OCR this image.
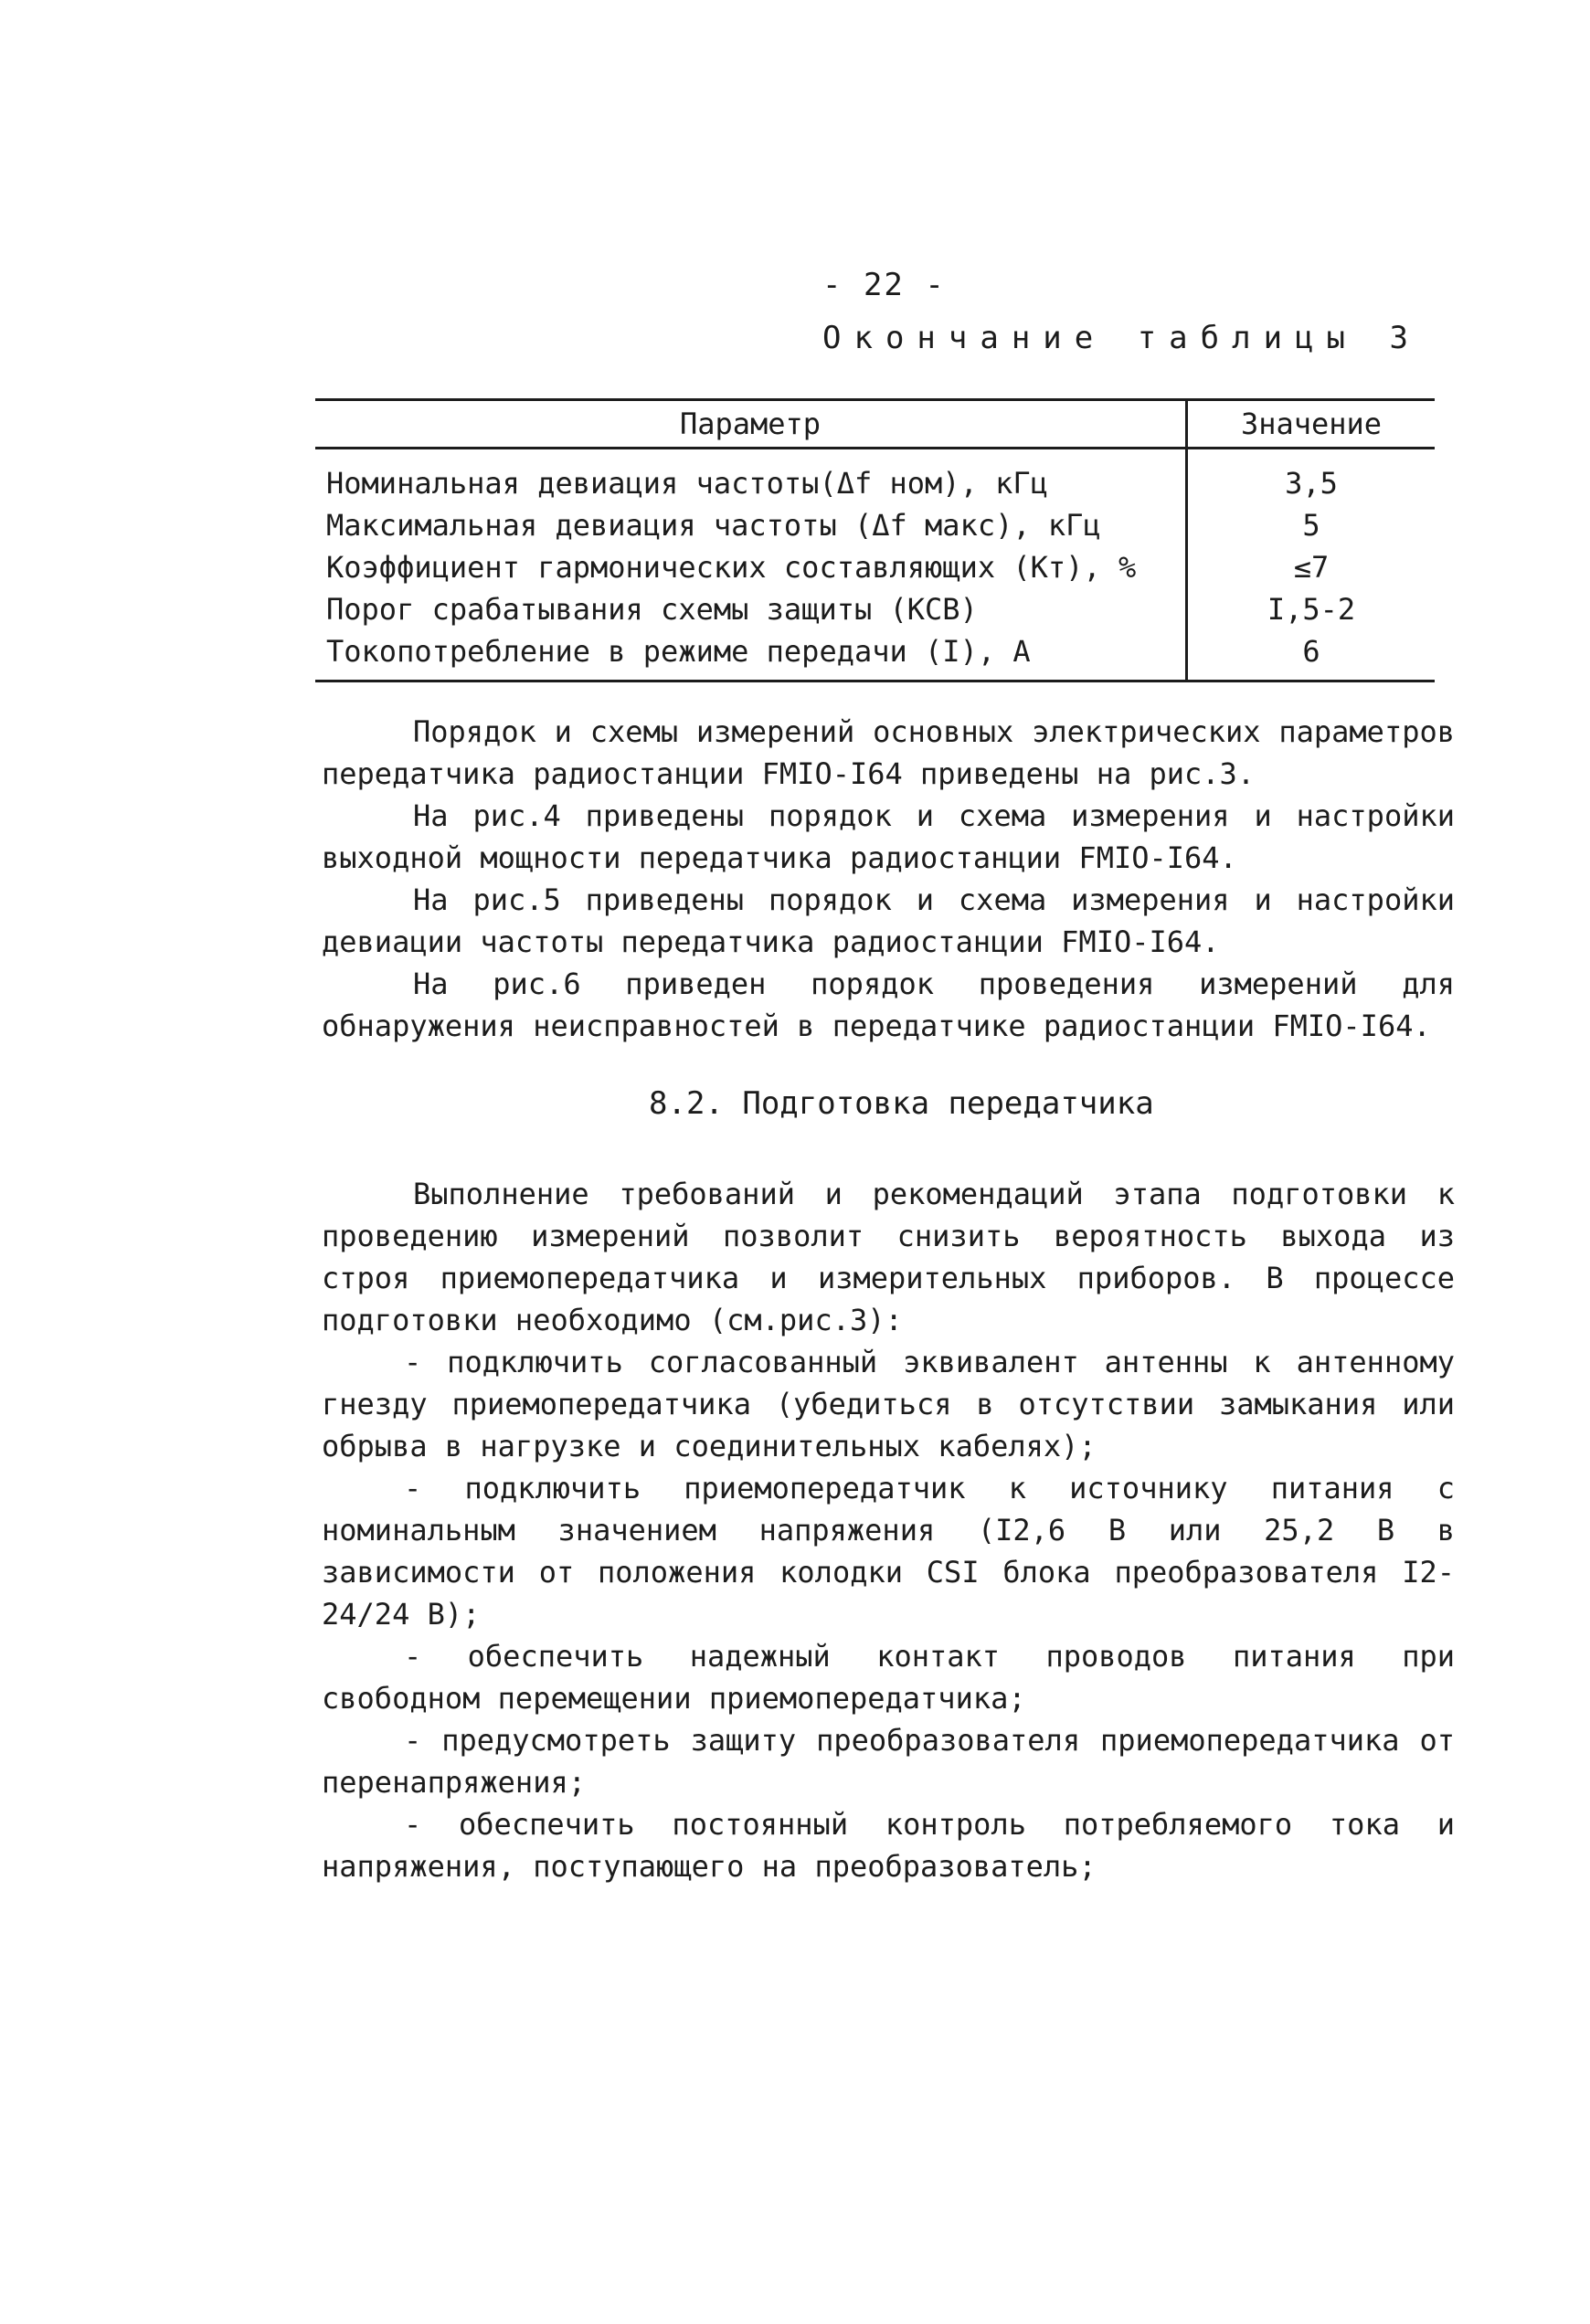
- 22 -
Окончание таблицы 3
Параметр	Значение
Номинальная девиация частоты(Δf ном), кГц	3,5
Максимальная девиация частоты (Δf макс), кГц	5
Коэффициент гармонических составляющих (Кт), %	≤7
Порог срабатывания схемы защиты (КСВ)	I,5-2
Токопотребление в режиме передачи (I), А	6

Порядок и схемы измерений основных электрических параметров передатчика радиостанции FMIO-I64 приведены на рис.3.

На рис.4 приведены порядок и схема измерения и настройки выходной мощности передатчика радиостанции FMIO-I64.

На рис.5 приведены порядок и схема измерения и настройки девиации частоты передатчика радиостанции FMIO-I64.

На рис.6 приведен порядок проведения измерений для обнаружения неисправностей в передатчике радиостанции FMIO-I64.

8.2. Подготовка передатчика

Выполнение требований и рекомендаций этапа подготовки к проведению измерений позволит снизить вероятность выхода из строя приемопередатчика и измерительных приборов. В процессе подготовки необходимо (см.рис.3):

- подключить согласованный эквивалент антенны к антенному гнезду приемопередатчика (убедиться в отсутствии замыкания или обрыва в нагрузке и соединительных кабелях);

- подключить приемопередатчик к источнику питания с номинальным значением напряжения (I2,6 В или 25,2 В в зависимости от положения колодки CSI блока преобразователя I2-24/24 В);

- обеспечить надежный контакт проводов питания при свободном перемещении приемопередатчика;

- предусмотреть защиту преобразователя приемопередатчика от перенапряжения;

- обеспечить постоянный контроль потребляемого тока и напряжения, поступающего на преобразователь;
